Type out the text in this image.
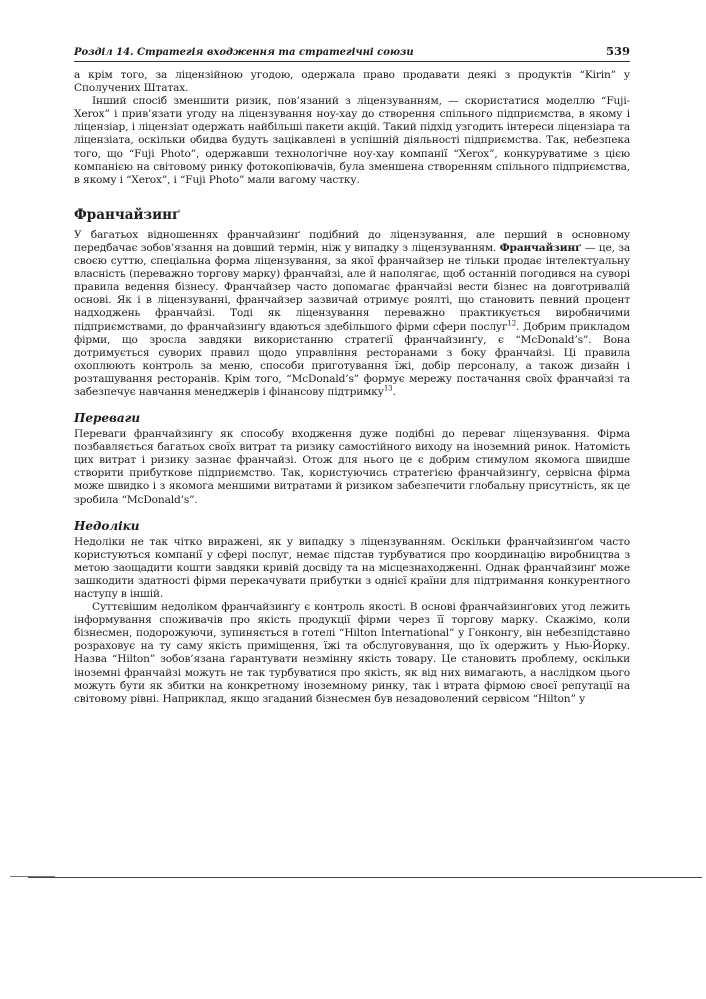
Розділ 14. Стратегія входження та стратегічні союзи	539

а крім того, за ліцензійною угодою, одержала право продавати деякі з продуктів “Kirin” у Сполучених Штатах.

Інший спосіб зменшити ризик, пов’язаний з ліцензуванням, — скористатися моделлю “Fuji-Xerox” і прив’язати угоду на ліцензування ноу-хау до створення спільного підприємства, в якому і ліцензіар, і ліцензіат одержать найбільші пакети акцій. Такий підхід узгодить інтереси ліцензіара та ліцензіата, оскільки обидва будуть зацікавлені в успішній діяльності підприємства. Так, небезпека того, що “Fuji Photo”, одержавши технологічне ноу-хау компанії “Xerox”, конкуруватиме з цією компанією на світовому ринку фотокопіювачів, була зменшена створенням спільного підприємства, в якому і “Xerox”, і “Fuji Photo” мали вагому частку.

Франчайзинґ

У багатьох відношеннях франчайзинґ подібний до ліцензування, але перший в основному передбачає зобов’язання на довший термін, ніж у випадку з ліцензуванням. Франчайзинґ — це, за своєю суттю, спеціальна форма ліцензування, за якої франчайзер не тільки продає інтелектуальну власність (переважно торгову марку) франчайзі, але й наполягає, щоб останній погодився на суворі правила ведення бізнесу. Франчайзер часто допомагає франчайзі вести бізнес на довготривалій основі. Як і в ліцензуванні, франчайзер зазвичай отримує роялті, що становить певний процент надходжень франчайзі. Тоді як ліцензування переважно практикується виробничими підприємствами, до франчайзинґу вдаються здебільшого фірми сфери послуг$^{12}$. Добрим прикладом фірми, що зросла завдяки використанню стратегії франчайзинґу, є “McDonald’s”. Вона дотримується суворих правил щодо управління ресторанами з боку франчайзі. Ці правила охоплюють контроль за меню, способи приготування їжі, добір персоналу, а також дизайн і розташування ресторанів. Крім того, “McDonald’s” формує мережу постачання своїх франчайзі та забезпечує навчання менеджерів і фінансову підтримку$^{13}$.

Переваги

Переваги франчайзинґу як способу входження дуже подібні до переваг ліцензування. Фірма позбавляється багатьох своїх витрат та ризику самостійного виходу на іноземний ринок. Натомість цих витрат і ризику зазнає франчайзі. Отож для нього це є добрим стимулом якомога швидше створити прибуткове підприємство. Так, користуючись стратегією франчайзинґу, сервісна фірма може швидко і з якомога меншими витратами й ризиком забезпечити глобальну присутність, як це зробила “McDonald’s”.

Недоліки

Недоліки не так чітко виражені, як у випадку з ліцензуванням. Оскільки франчайзинґом часто користуються компанії у сфері послуг, немає підстав турбуватися про координацію виробництва з метою заощадити кошти завдяки кривій досвіду та на місцезнаходженні. Однак франчайзинґ може зашкодити здатності фірми перекачувати прибутки з однієї країни для підтримання конкурентного наступу в іншій.

Суттєвішим недоліком франчайзинґу є контроль якості. В основі франчайзинґових угод лежить інформування споживачів про якість продукції фірми через її торгову марку. Скажімо, коли бізнесмен, подорожуючи, зупиняється в готелі “Hilton International” у Гонконгу, він небезпідставно розраховує на ту саму якість приміщення, їжі та обслуговування, що їх одержить у Нью-Йорку. Назва “Hilton” зобов’язана ґарантувати незмінну якість товару. Це становить проблему, оскільки іноземні франчайзі можуть не так турбуватися про якість, як від них вимагають, а наслідком цього можуть бути як збитки на конкретному іноземному ринку, так і втрата фірмою своєї репутації на світовому рівні. Наприклад, якщо згаданий бізнесмен був незадоволений сервісом “Hilton” у
